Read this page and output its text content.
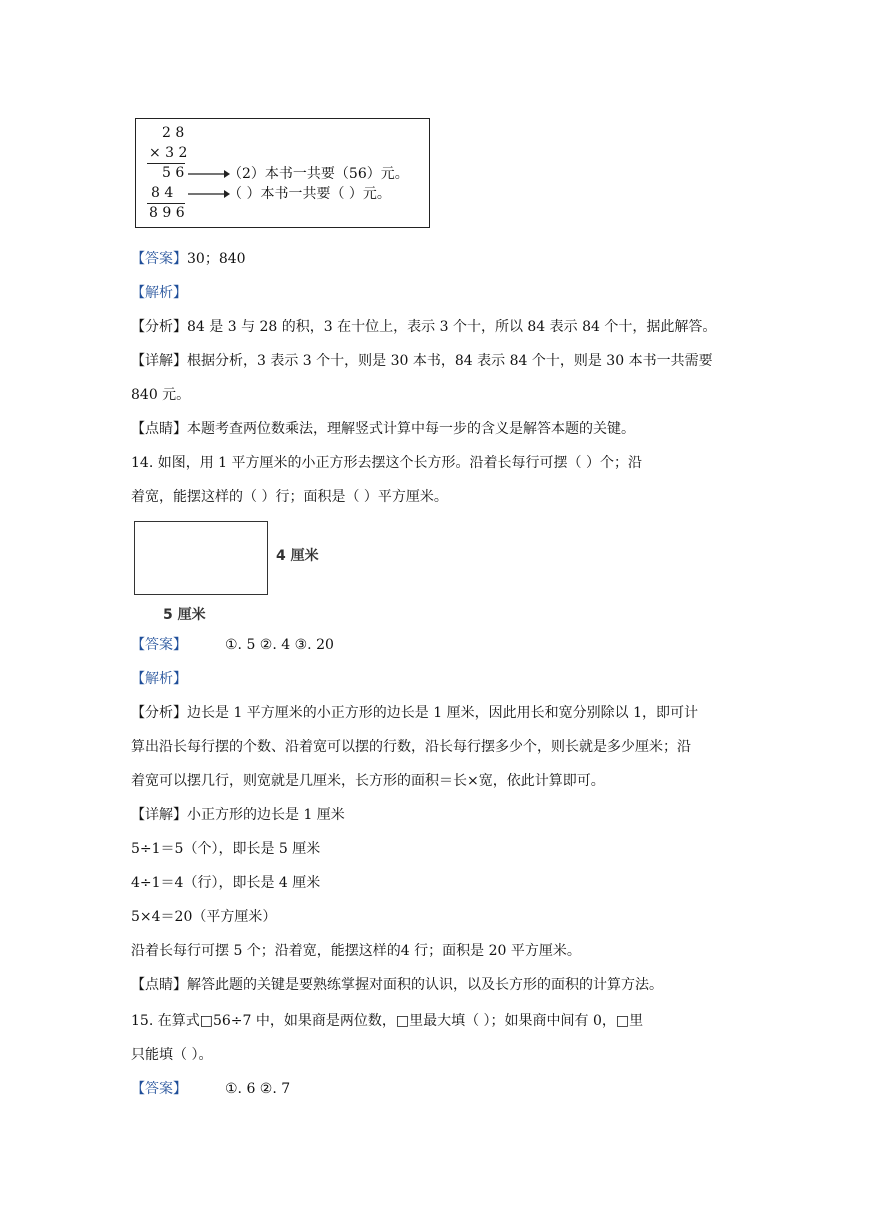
2 8
× 3 2
5 6
8 4
8 9 6
（2）本书一共要（56）元。
（ ）本书一共要（ ）元。
【答案】30；840
【解析】
【分析】84 是 3 与 28 的积，3 在十位上，表示 3 个十，所以 84 表示 84 个十，据此解答。
【详解】根据分析，3 表示 3 个十，则是 30 本书，84 表示 84 个十，则是 30 本书一共需要
840 元。
【点睛】本题考查两位数乘法，理解竖式计算中每一步的含义是解答本题的关键。
14. 如图，用 1 平方厘米的小正方形去摆这个长方形。沿着长每行可摆（ ）个；沿
着宽，能摆这样的（ ）行；面积是（ ）平方厘米。
4 厘米
5 厘米
【答案】	①. 5 ②. 4 ③. 20
【解析】
【分析】边长是 1 平方厘米的小正方形的边长是 1 厘米，因此用长和宽分别除以 1，即可计
算出沿长每行摆的个数、沿着宽可以摆的行数，沿长每行摆多少个，则长就是多少厘米；沿
着宽可以摆几行，则宽就是几厘米，长方形的面积＝长×宽，依此计算即可。
【详解】小正方形的边长是 1 厘米
5÷1＝5（个），即长是 5 厘米
4÷1＝4（行），即长是 4 厘米
5×4＝20（平方厘米）
沿着长每行可摆 5 个；沿着宽，能摆这样的4 行；面积是 20 平方厘米。
【点睛】解答此题的关键是要熟练掌握对面积的认识，以及长方形的面积的计算方法。
15. 在算式□56÷7 中，如果商是两位数，□里最大填（ ）；如果商中间有 0，□里
只能填（ ）。
【答案】	①. 6 ②. 7
